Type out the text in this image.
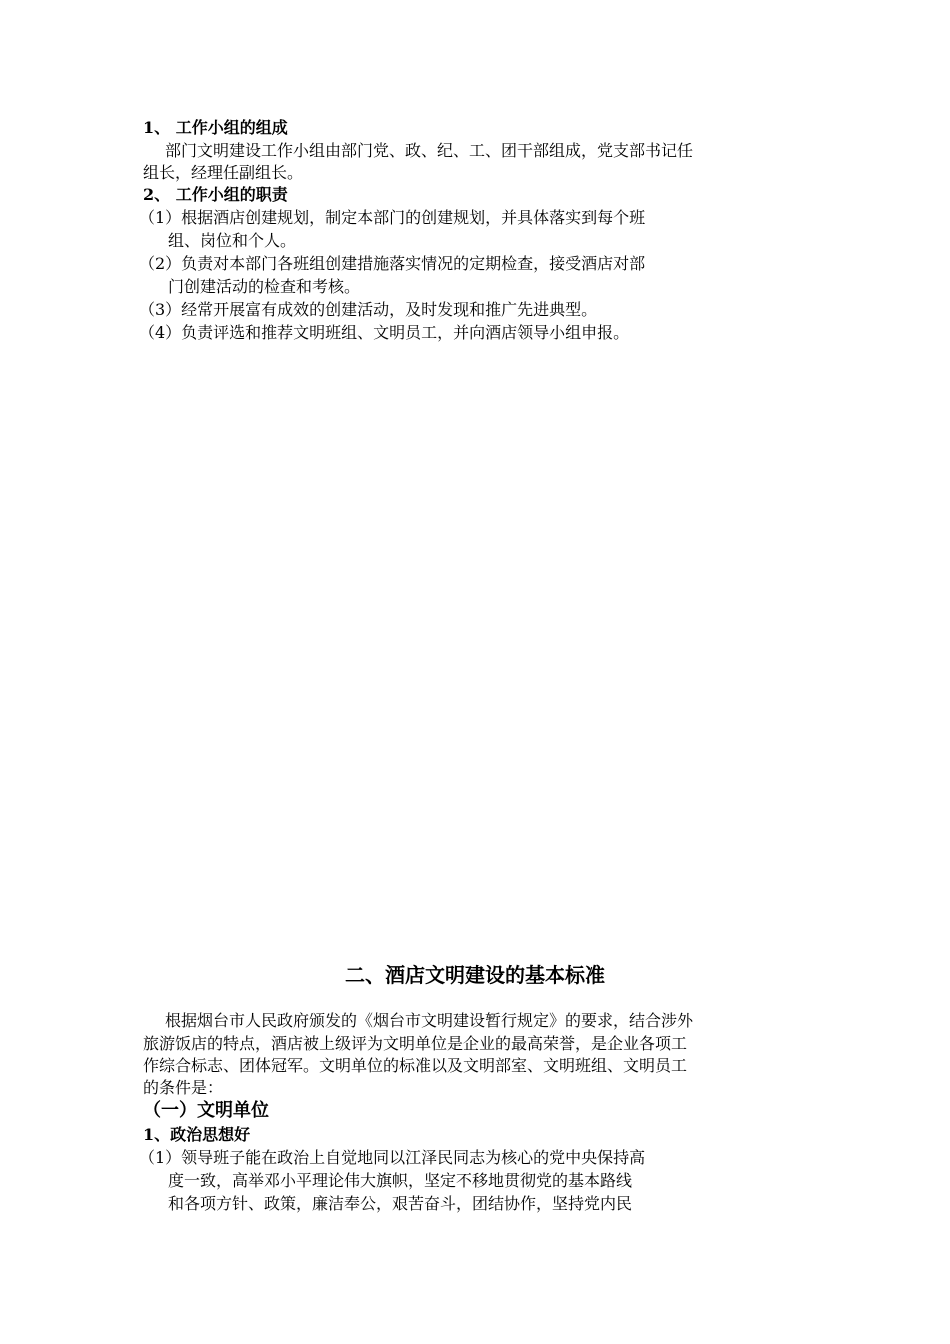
1、 工作小组的组成
部门文明建设工作小组由部门党、政、纪、工、团干部组成，党支部书记任
组长，经理任副组长。
2、 工作小组的职责
（1）根据酒店创建规划，制定本部门的创建规划，并具体落实到每个班
组、岗位和个人。
（2）负责对本部门各班组创建措施落实情况的定期检查，接受酒店对部
门创建活动的检查和考核。
（3）经常开展富有成效的创建活动，及时发现和推广先进典型。
（4）负责评选和推荐文明班组、文明员工，并向酒店领导小组申报。
二、酒店文明建设的基本标准
根据烟台市人民政府颁发的《烟台市文明建设暂行规定》的要求，结合涉外
旅游饭店的特点，酒店被上级评为文明单位是企业的最高荣誉，是企业各项工
作综合标志、团体冠军。文明单位的标准以及文明部室、文明班组、文明员工
的条件是：
（一）文明单位
1、政治思想好
（1）领导班子能在政治上自觉地同以江泽民同志为核心的党中央保持高
度一致，高举邓小平理论伟大旗帜，坚定不移地贯彻党的基本路线
和各项方针、政策，廉洁奉公，艰苦奋斗，团结协作，坚持党内民
